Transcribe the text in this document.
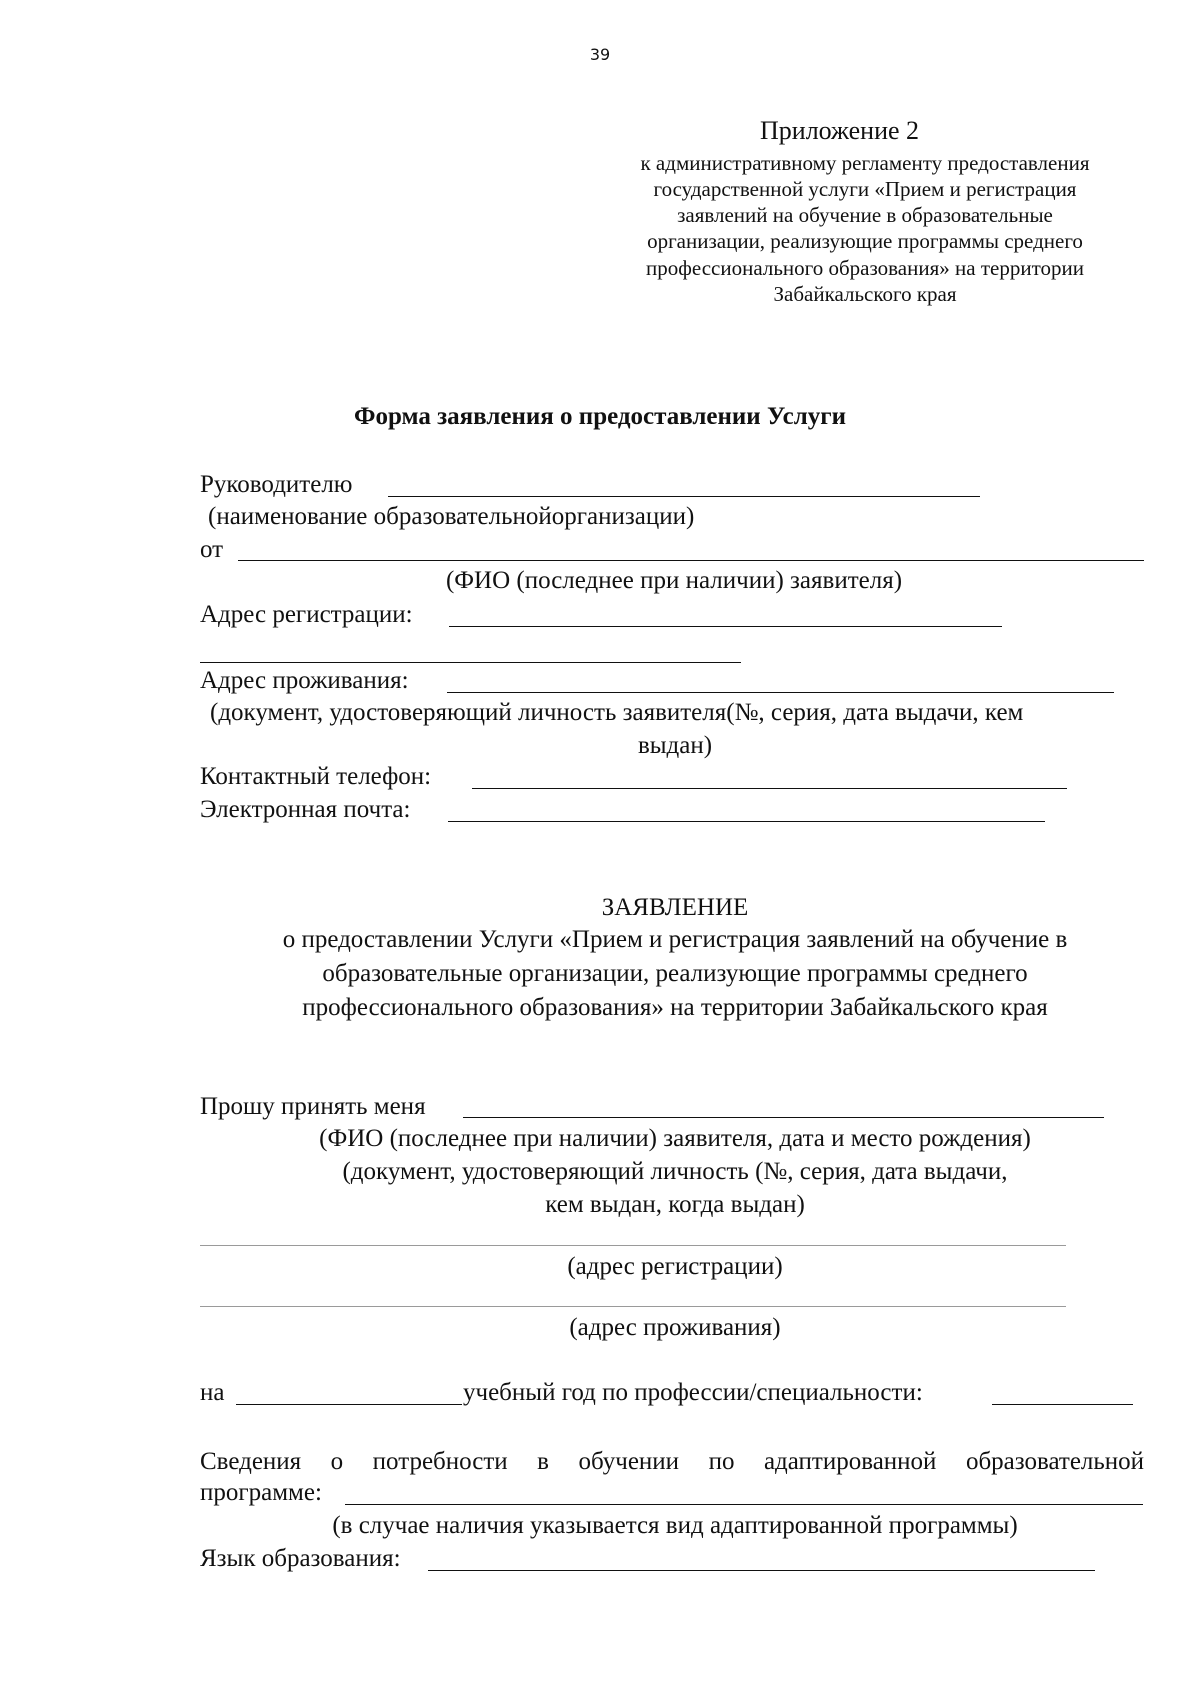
39
Приложение 2
к административному регламенту предоставления
государственной услуги «Прием и регистрация
заявлений на обучение в образовательные
организации, реализующие программы среднего
профессионального образования» на территории
Забайкальского края
Форма заявления о предоставлении Услуги
Руководителю
(наименование образовательнойорганизации)
от
(ФИО (последнее при наличии) заявителя)
Адрес регистрации:
Адрес проживания:
(документ, удостоверяющий личность заявителя(№, серия, дата выдачи, кем
выдан)
Контактный телефон:
Электронная почта:
ЗАЯВЛЕНИЕ
о предоставлении Услуги «Прием и регистрация заявлений на обучение в
образовательные организации, реализующие программы среднего
профессионального образования» на территории Забайкальского края
Прошу принять меня
(ФИО (последнее при наличии) заявителя, дата и место рождения)
(документ, удостоверяющий личность (№, серия, дата выдачи,
кем выдан, когда выдан)
(адрес регистрации)
(адрес проживания)
на	учебный год по профессии/специальности:
Сведения о потребности в обучении по адаптированной образовательной
программе:
(в случае наличия указывается вид адаптированной программы)
Язык образования:
